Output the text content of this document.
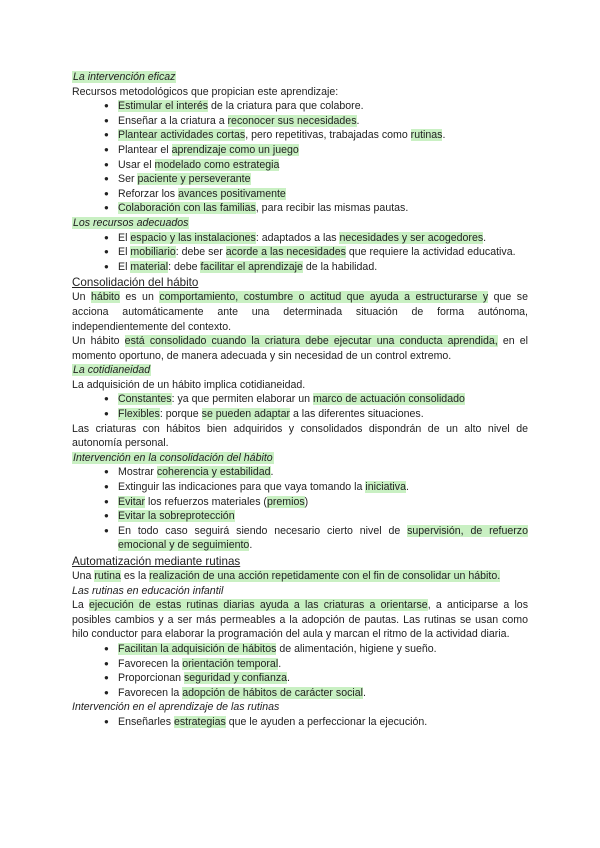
La intervención eficaz

Recursos metodológicos que propician este aprendizaje:

● Estimular el interés de la criatura para que colabore.
● Enseñar a la criatura a reconocer sus necesidades.
● Plantear actividades cortas, pero repetitivas, trabajadas como rutinas.
● Plantear el aprendizaje como un juego
● Usar el modelado como estrategia
● Ser paciente y perseverante
● Reforzar los avances positivamente
● Colaboración con las familias, para recibir las mismas pautas.

Los recursos adecuados

● El espacio y las instalaciones: adaptados a las necesidades y ser acogedores.
● El mobiliario: debe ser acorde a las necesidades que requiere la actividad educativa.
● El material: debe facilitar el aprendizaje de la habilidad.

Consolidación del hábito

Un hábito es un comportamiento, costumbre o actitud que ayuda a estructurarse y que se acciona automáticamente ante una determinada situación de forma autónoma, independientemente del contexto.

Un hábito está consolidado cuando la criatura debe ejecutar una conducta aprendida, en el momento oportuno, de manera adecuada y sin necesidad de un control extremo.

La cotidianeidad

La adquisición de un hábito implica cotidianeidad.

● Constantes: ya que permiten elaborar un marco de actuación consolidado
● Flexibles: porque se pueden adaptar a las diferentes situaciones.

Las criaturas con hábitos bien adquiridos y consolidados dispondrán de un alto nivel de autonomía personal.

Intervención en la consolidación del hábito

● Mostrar coherencia y estabilidad.
● Extinguir las indicaciones para que vaya tomando la iniciativa.
● Evitar los refuerzos materiales (premios)
● Evitar la sobreprotección
● En todo caso seguirá siendo necesario cierto nivel de supervisión, de refuerzo emocional y de seguimiento.

Automatización mediante rutinas

Una rutina es la realización de una acción repetidamente con el fin de consolidar un hábito.

Las rutinas en educación infantil

La ejecución de estas rutinas diarias ayuda a las criaturas a orientarse, a anticiparse a los posibles cambios y a ser más permeables a la adopción de pautas. Las rutinas se usan como hilo conductor para elaborar la programación del aula y marcan el ritmo de la actividad diaria.

● Facilitan la adquisición de hábitos de alimentación, higiene y sueño.
● Favorecen la orientación temporal.
● Proporcionan seguridad y confianza.
● Favorecen la adopción de hábitos de carácter social.

Intervención en el aprendizaje de las rutinas

● Enseñarles estrategias que le ayuden a perfeccionar la ejecución.
